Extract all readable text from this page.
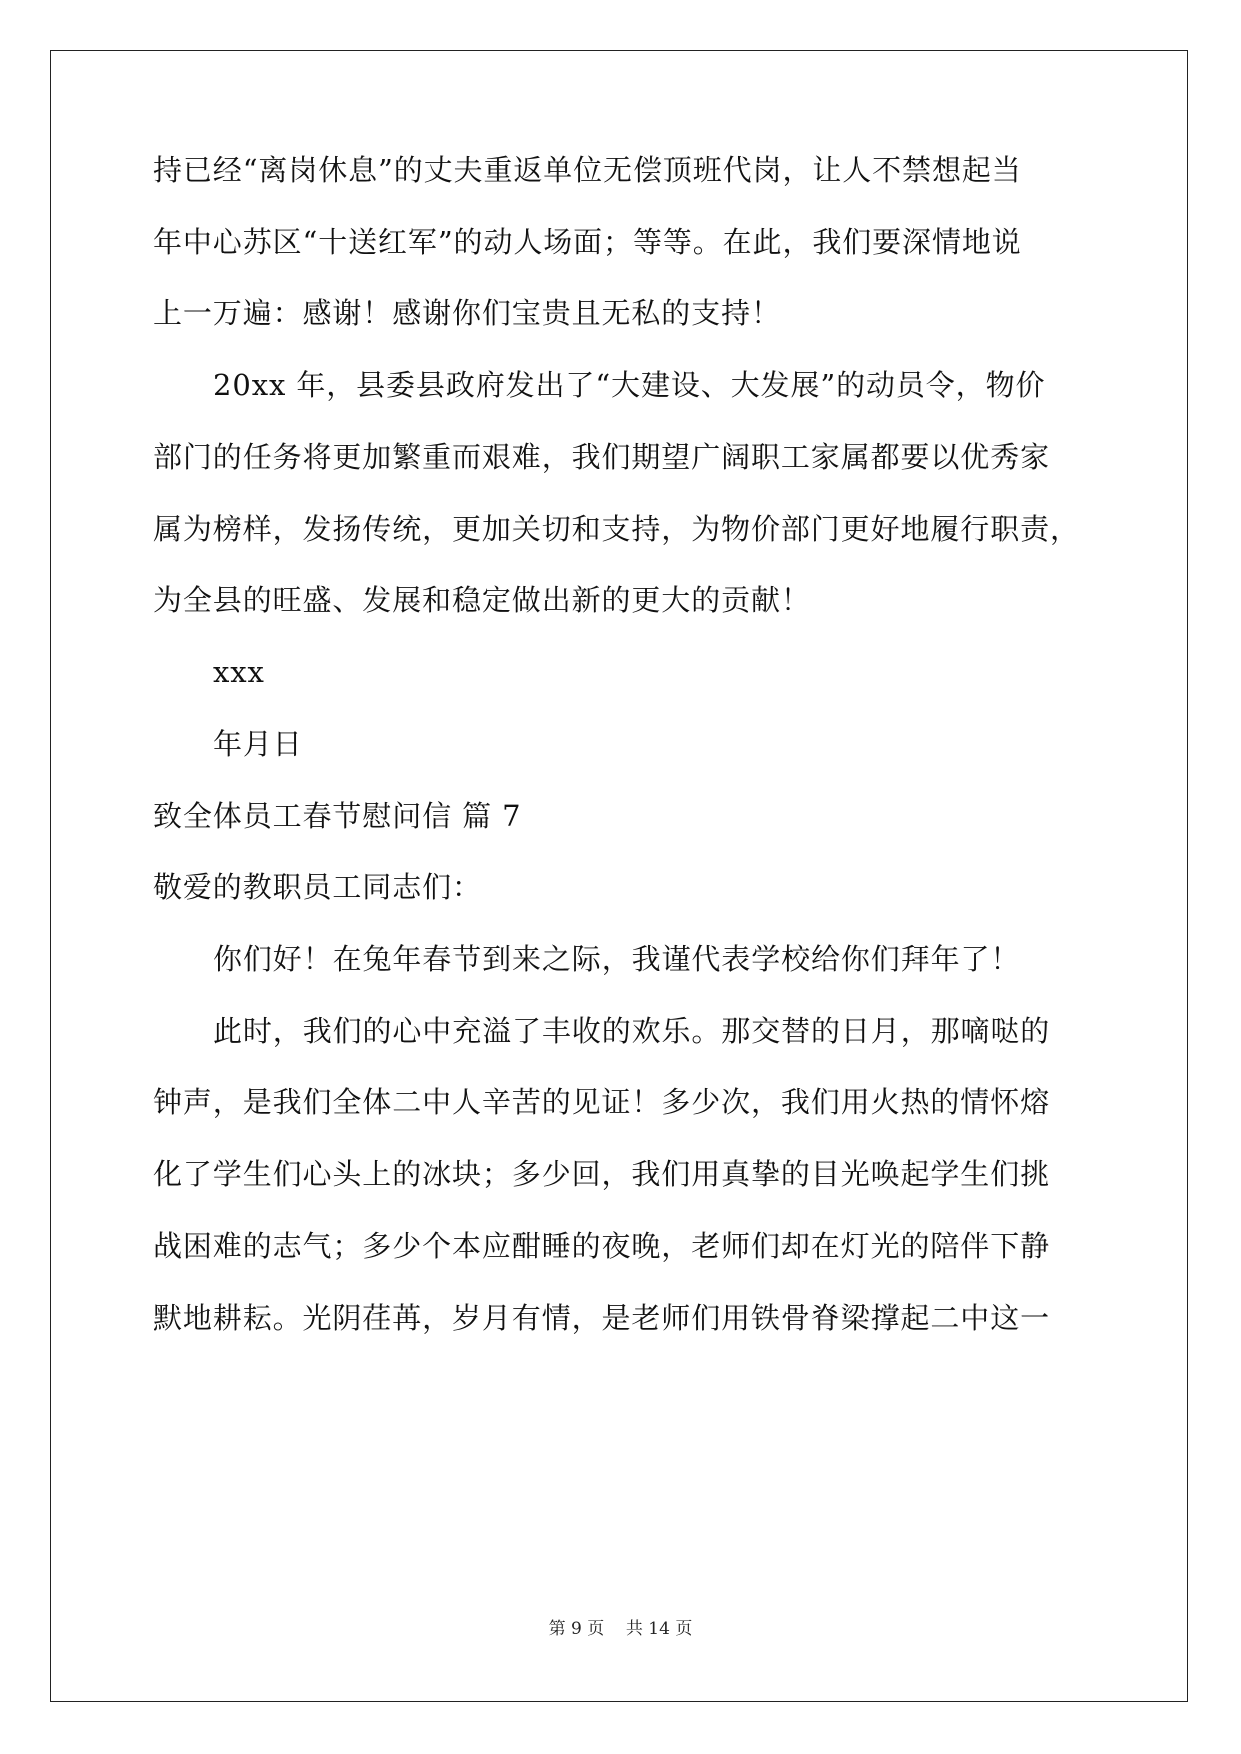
持已经“离岗休息”的丈夫重返单位无偿顶班代岗，让人不禁想起当
年中心苏区“十送红军”的动人场面；等等。在此，我们要深情地说
上一万遍：感谢！感谢你们宝贵且无私的支持！
20xx 年，县委县政府发出了“大建设、大发展”的动员令，物价
部门的任务将更加繁重而艰难，我们期望广阔职工家属都要以优秀家
属为榜样，发扬传统，更加关切和支持，为物价部门更好地履行职责，
为全县的旺盛、发展和稳定做出新的更大的贡献！
xxx
年月日
致全体员工春节慰问信 篇 7
敬爱的教职员工同志们：
你们好！在兔年春节到来之际，我谨代表学校给你们拜年了！
此时，我们的心中充溢了丰收的欢乐。那交替的日月，那嘀哒的
钟声，是我们全体二中人辛苦的见证！多少次，我们用火热的情怀熔
化了学生们心头上的冰块；多少回，我们用真挚的目光唤起学生们挑
战困难的志气；多少个本应酣睡的夜晚，老师们却在灯光的陪伴下静
默地耕耘。光阴荏苒，岁月有情，是老师们用铁骨脊梁撑起二中这一
第 9 页    共 14 页
